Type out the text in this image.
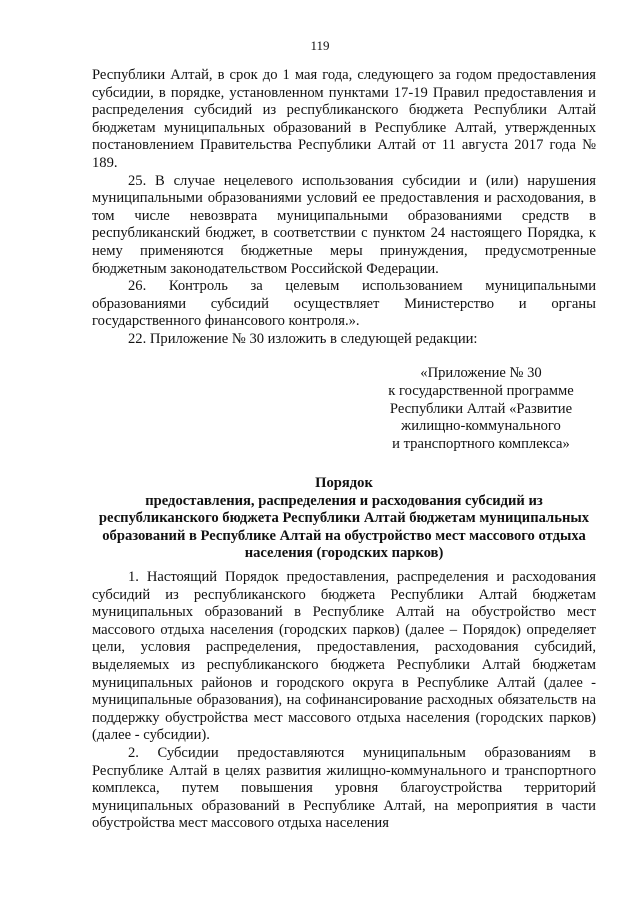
119

Республики Алтай, в срок до 1 мая года, следующего за годом предоставления субсидии, в порядке, установленном пунктами 17-19 Правил предоставления и распределения субсидий из республиканского бюджета Республики Алтай бюджетам муниципальных образований в Республике Алтай, утвержденных постановлением Правительства Республики Алтай от 11 августа 2017 года № 189.

25. В случае нецелевого использования субсидии и (или) нарушения муниципальными образованиями условий ее предоставления и расходования, в том числе невозврата муниципальными образованиями средств в республиканский бюджет, в соответствии с пунктом 24 настоящего Порядка, к нему применяются бюджетные меры принуждения, предусмотренные бюджетным законодательством Российской Федерации.

26. Контроль за целевым использованием муниципальными образованиями субсидий осуществляет Министерство и органы государственного финансового контроля.».

22. Приложение № 30 изложить в следующей редакции:

«Приложение № 30
к государственной программе
Республики Алтай «Развитие
жилищно-коммунального
и транспортного комплекса»
Порядок
предоставления, распределения и расходования субсидий из республиканского бюджета Республики Алтай бюджетам муниципальных образований в Республике Алтай на обустройство мест массового отдыха населения (городских парков)

1. Настоящий Порядок предоставления, распределения и расходования субсидий из республиканского бюджета Республики Алтай бюджетам муниципальных образований в Республике Алтай на обустройство мест массового отдыха населения (городских парков) (далее – Порядок) определяет цели, условия распределения, предоставления, расходования субсидий, выделяемых из республиканского бюджета Республики Алтай бюджетам муниципальных районов и городского округа в Республике Алтай (далее - муниципальные образования), на софинансирование расходных обязательств на поддержку обустройства мест массового отдыха населения (городских парков) (далее - субсидии).

2. Субсидии предоставляются муниципальным образованиям в Республике Алтай в целях развития жилищно-коммунального и транспортного комплекса, путем повышения уровня благоустройства территорий муниципальных образований в Республике Алтай, на мероприятия в части обустройства мест массового отдыха населения
